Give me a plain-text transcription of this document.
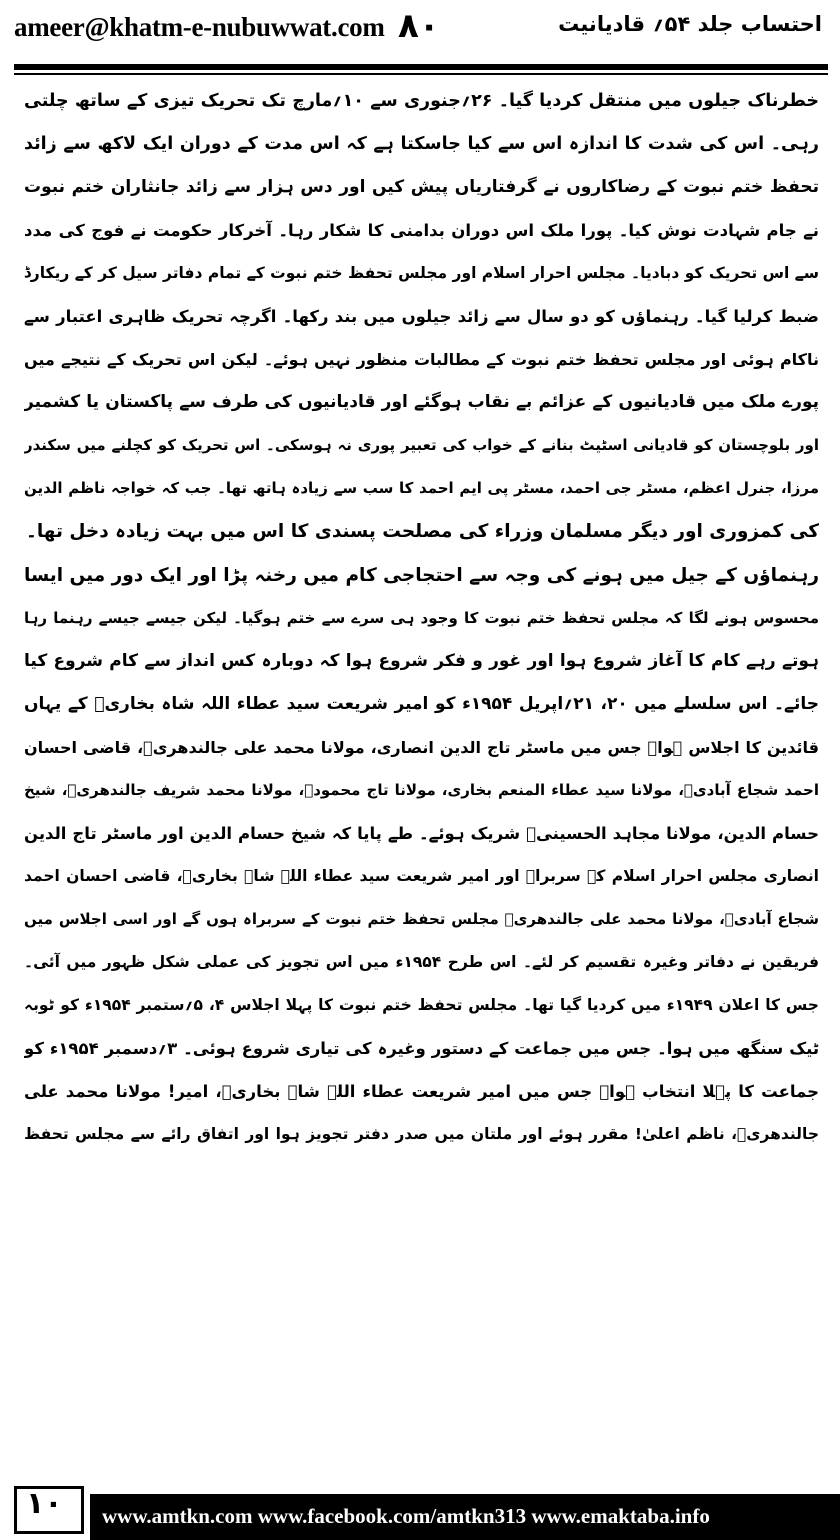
ameer@khatm-e-nubuwwat.com ۸۰	احتساب جلد ۵۴؍ قادیانیت
خطرناک جیلوں میں منتقل کردیا گیا۔ ۲۶؍جنوری سے ۱۰؍مارچ تک تحریک تیزی کے ساتھ چلتی
رہی۔ اس کی شدت کا اندازہ اس سے کیا جاسکتا ہے کہ اس مدت کے دوران ایک لاکھ سے زائد
تحفظ ختم نبوت کے رضاکاروں نے گرفتاریاں پیش کیں اور دس ہزار سے زائد جانثاران ختم نبوت
نے جام شہادت نوش کیا۔ پورا ملک اس دوران بدامنی کا شکار رہا۔ آخرکار حکومت نے فوج کی مدد
سے اس تحریک کو دبادیا۔ مجلس احرار اسلام اور مجلس تحفظ ختم نبوت کے تمام دفاتر سیل کر کے ریکارڈ
ضبط کرلیا گیا۔ رہنماؤں کو دو سال سے زائد جیلوں میں بند رکھا۔ اگرچہ تحریک ظاہری اعتبار سے
ناکام ہوئی اور مجلس تحفظ ختم نبوت کے مطالبات منظور نہیں ہوئے۔ لیکن اس تحریک کے نتیجے میں
پورے ملک میں قادیانیوں کے عزائم بے نقاب ہوگئے اور قادیانیوں کی طرف سے پاکستان یا کشمیر
اور بلوچستان کو قادیانی اسٹیٹ بنانے کے خواب کی تعبیر پوری نہ ہوسکی۔ اس تحریک کو کچلنے میں سکندر
مرزا، جنرل اعظم، مسٹر جی احمد، مسٹر پی ایم احمد کا سب سے زیادہ ہاتھ تھا۔ جب کہ خواجہ ناظم الدین
کی کمزوری اور دیگر مسلمان وزراء کی مصلحت پسندی کا اس میں بہت زیادہ دخل تھا۔
رہنماؤں کے جیل میں ہونے کی وجہ سے احتجاجی کام میں رخنہ پڑا اور ایک دور میں ایسا
محسوس ہونے لگا کہ مجلس تحفظ ختم نبوت کا وجود ہی سرے سے ختم ہوگیا۔ لیکن جیسے جیسے رہنما رہا
ہوتے رہے کام کا آغاز شروع ہوا اور غور و فکر شروع ہوا کہ دوبارہ کس انداز سے کام شروع کیا
جائے۔ اس سلسلے میں ۲۰، ۲۱؍اپریل ۱۹۵۴ء کو امیر شریعت سید عطاء اللہ شاہ بخاریؒ کے یہاں
قائدین کا اجلاس ہوا۔ جس میں ماسٹر تاج الدین انصاری، مولانا محمد علی جالندھریؒ، قاضی احسان
احمد شجاع آبادیؒ، مولانا سید عطاء المنعم بخاری، مولانا تاج محمودؒ، مولانا محمد شریف جالندھریؒ، شیخ
حسام الدین، مولانا مجاہد الحسینیؒ شریک ہوئے۔ طے پایا کہ شیخ حسام الدین اور ماسٹر تاج الدین
انصاری مجلس احرار اسلام کے سربراہ اور امیر شریعت سید عطاء اللہ شاہ بخاریؒ، قاضی احسان احمد
شجاع آبادیؒ، مولانا محمد علی جالندھریؒ مجلس تحفظ ختم نبوت کے سربراہ ہوں گے اور اسی اجلاس میں
فریقین نے دفاتر وغیرہ تقسیم کر لئے۔ اس طرح ۱۹۵۴ء میں اس تجویز کی عملی شکل ظہور میں آئی۔
جس کا اعلان ۱۹۴۹ء میں کردیا گیا تھا۔ مجلس تحفظ ختم نبوت کا پہلا اجلاس ۴، ۵؍ستمبر ۱۹۵۴ء کو ٹوبہ
ٹیک سنگھ میں ہوا۔ جس میں جماعت کے دستور وغیرہ کی تیاری شروع ہوئی۔ ۳؍دسمبر ۱۹۵۴ء کو
جماعت کا پہلا انتخاب ہوا۔ جس میں امیر شریعت عطاء اللہ شاہ بخاریؒ، امیر! مولانا محمد علی
جالندھریؒ، ناظم اعلیٰ! مقرر ہوئے اور ملتان میں صدر دفتر تجویز ہوا اور اتفاق رائے سے مجلس تحفظ
۱۰ www.amtkn.com www.facebook.com/amtkn313 www.emaktaba.info
